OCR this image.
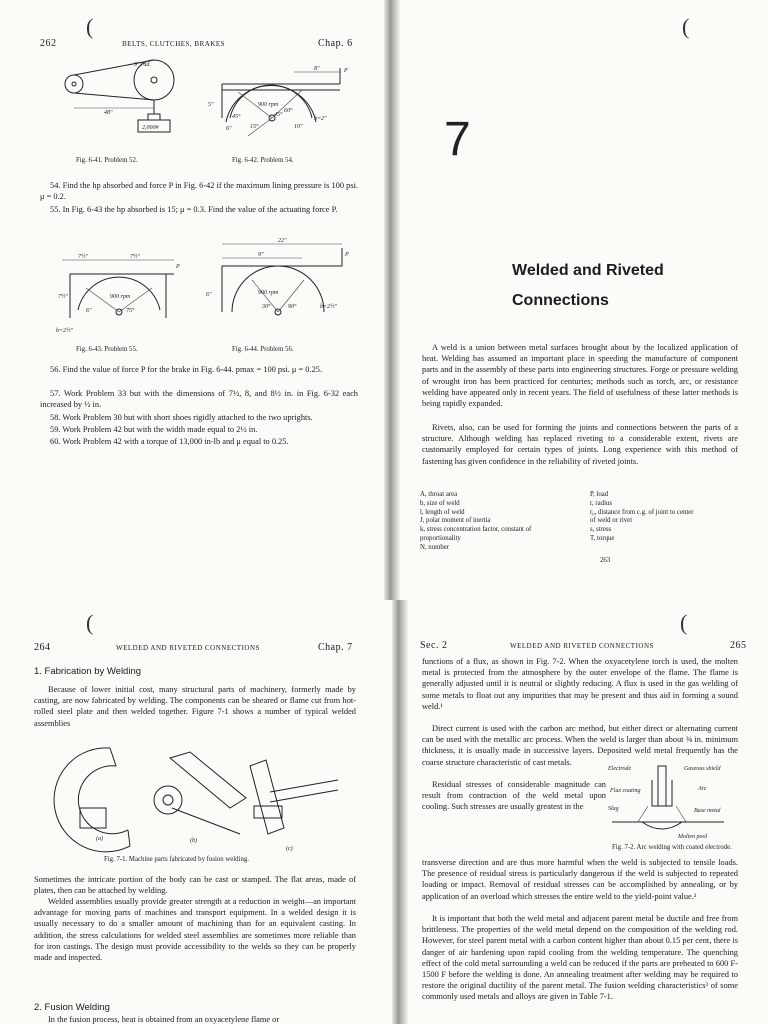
(
262	BELTS, CLUTCHES, BRAKES	Chap. 6
9" rad.
48"
2,000#
8"	P
900 rpm
45°
60°
15°
45°	b=2"
5"
6"	10"
Fig. 6-41. Problem 52.	Fig. 6-42. Problem 54.

54. Find the hp absorbed and force P in Fig. 6-42 if the maximum lining pressure is 100 psi. μ = 0.2.

55. In Fig. 6-43 the hp absorbed is 15; μ = 0.3. Find the value of the actuating force P.

7½"	7½"
P
900 rpm
75°
7½"
6"
b=2½"
22"
9"	P
900 rpm
30°	90°
6"
b=2½"
Fig. 6-43. Problem 55.	Fig. 6-44. Problem 56.

56. Find the value of force P for the brake in Fig. 6-44. pmax = 100 psi. μ = 0.25.

57. Work Problem 33 but with the dimensions of 7½, 8, and 8½ in. in Fig. 6-32 each increased by ½ in.

58. Work Problem 30 but with short shoes rigidly attached to the two uprights.

59. Work Problem 42 but with the width made equal to 2½ in.

60. Work Problem 42 with a torque of 13,000 in-lb and μ equal to 0.25.

(
7
Welded and Riveted
Connections

A weld is a union between metal surfaces brought about by the localized application of heat. Welding has assumed an important place in speeding the manufacture of component parts and in the assembly of these parts into engineering structures. Forge or pressure welding of wrought iron has been practiced for centuries; methods such as torch, arc, or resistance welding have appeared only in recent years. The field of usefulness of these latter methods is being rapidly expanded.

Rivets, also, can be used for forming the joints and connections between the parts of a structure. Although welding has replaced riveting to a considerable extent, rivets are customarily employed for certain types of joints. Long experience with this method of fastening has given confidence in the reliability of riveted joints.

A, throat area
b, size of weld
l, length of weld
J, polar moment of inertia
k, stress concentration factor, constant of
proportionality
N, number
P, load
r, radius
r₀, distance from c.g. of joint to center
of weld or rivet
s, stress
T, torque
263
(
264	WELDED AND RIVETED CONNECTIONS	Chap. 7
1. Fabrication by Welding

Because of lower initial cost, many structural parts of machinery, formerly made by casting, are now fabricated by welding. The components can be sheared or flame cut from hot-rolled steel plate and then welded together. Figure 7-1 shows a number of typical welded assemblies

(a)	(b)
(c)
Fig. 7-1. Machine parts fabricated by fusion welding.

Sometimes the intricate portion of the body can be cast or stamped. The flat areas, made of plates, then can be attached by welding.

Welded assemblies usually provide greater strength at a reduction in weight—an important advantage for moving parts of machines and transport equipment. In a welded design it is usually necessary to do a smaller amount of machining than for an equivalent casting. In addition, the stress calculations for welded steel assemblies are sometimes more reliable than for iron castings. The design must provide accessibility to the welds so they can be properly made and inspected.

2. Fusion Welding

In the fusion process, heat is obtained from an oxyacetylene flame or

(
Sec. 2	WELDED AND RIVETED CONNECTIONS	265
Electrode	Gaseous shield
Flux coating	Arc
Slag	Base metal
Molten pool
Fig. 7-2. Arc welding with coated electrode.

functions of a flux, as shown in Fig. 7-2. When the oxyacetylene torch is used, the molten metal is protected from the atmosphere by the outer envelope of the flame. The flame is generally adjusted until it is neutral or slightly reducing. A flux is used in the gas welding of some metals to float out any impurities that may be present and thus aid in forming a sound weld.¹

Direct current is used with the carbon arc method, but either direct or alternating current can be used with the metallic arc process. When the weld is larger than about ⅜ in. minimum thickness, it is usually made in successive layers. Deposited weld metal frequently has the coarse structure characteristic of cast metals.

Residual stresses of considerable magnitude can result from contraction of the weld metal upon cooling. Such stresses are usually greatest in the

transverse direction and are thus more harmful when the weld is subjected to tensile loads. The presence of residual stress is particularly dangerous if the weld is subjected to repeated loading or impact. Removal of residual stresses can be accomplished by annealing, or by application of an overload which stresses the entire weld to the yield-point value.²

It is important that both the weld metal and adjacent parent metal be ductile and free from brittleness. The properties of the weld metal depend on the composition of the welding rod. However, for steel parent metal with a carbon content higher than about 0.15 per cent, there is danger of air hardening upon rapid cooling from the welding temperature. The quenching effect of the cold metal surrounding a weld can be reduced if the parts are preheated to 600 F-1500 F before the welding is done. An annealing treatment after welding may be required to restore the original ductility of the parent metal. The fusion welding characteristics³ of some commonly used metals and alloys are given in Table 7-1.
